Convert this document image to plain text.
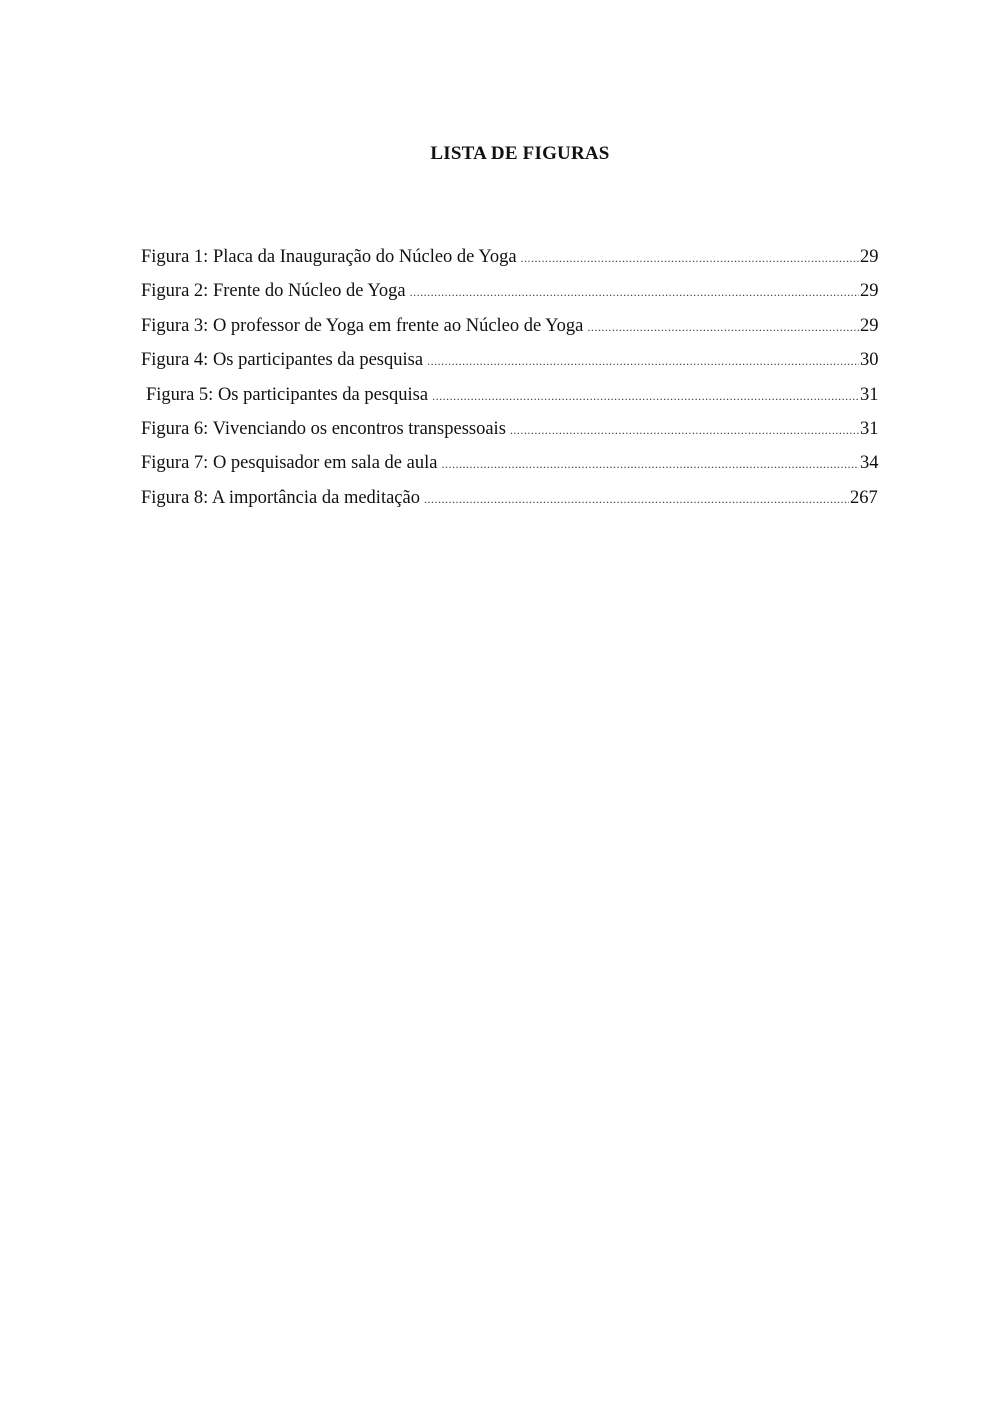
LISTA DE FIGURAS
Figura 1: Placa da Inauguração do Núcleo de Yoga .....	29
Figura 2: Frente do Núcleo de Yoga .....	29
Figura 3: O professor de Yoga em frente ao Núcleo de Yoga .....	29
Figura 4: Os participantes da pesquisa .....	30
Figura 5: Os participantes da pesquisa .....	31
Figura 6: Vivenciando os encontros transpessoais .....	31
Figura 7: O pesquisador em sala de aula .....	34
Figura 8: A importância da meditação .....	267
